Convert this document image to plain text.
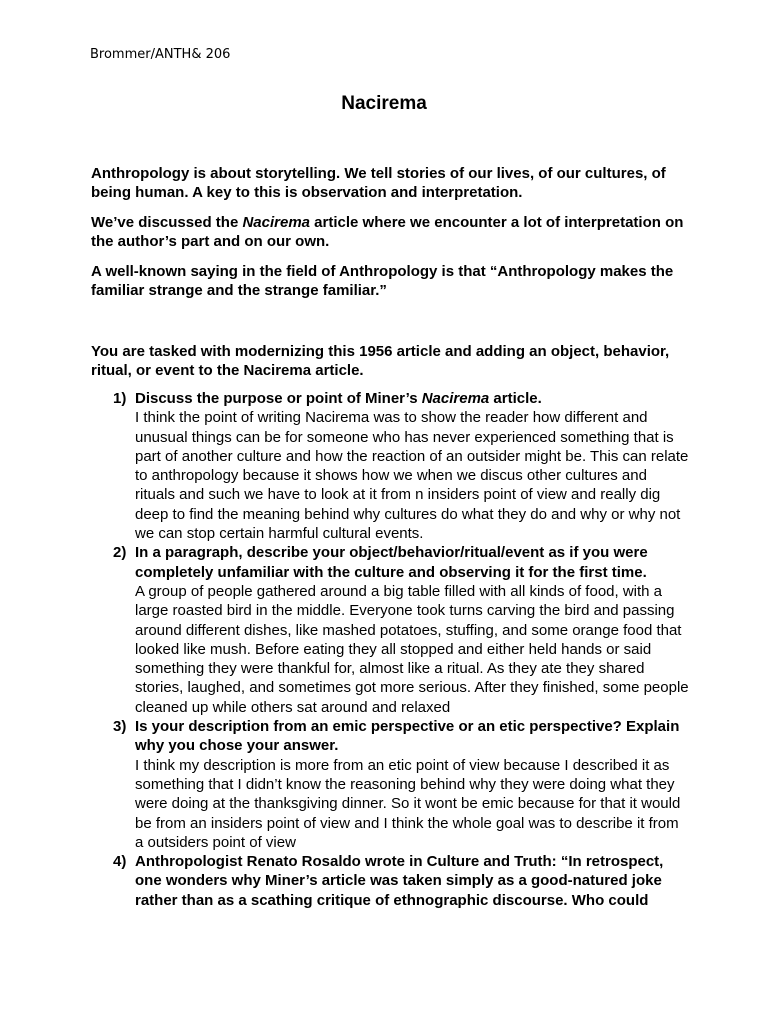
Brommer/ANTH& 206
Nacirema
Anthropology is about storytelling. We tell stories of our lives, of our cultures, of being human. A key to this is observation and interpretation.
We’ve discussed the Nacirema article where we encounter a lot of interpretation on the author’s part and on our own.
A well-known saying in the field of Anthropology is that “Anthropology makes the familiar strange and the strange familiar.”
You are tasked with modernizing this 1956 article and adding an object, behavior, ritual, or event to the Nacirema article.
1) Discuss the purpose or point of Miner’s Nacirema article.
I think the point of writing Nacirema was to show the reader how different and unusual things can be for someone who has never experienced something that is part of another culture and how the reaction of an outsider might be. This can relate to anthropology because it shows how we when we discus other cultures and rituals and such we have to look at it from n insiders point of view and really dig deep to find the meaning behind why cultures do what they do and why or why not we can stop certain harmful cultural events.
2) In a paragraph, describe your object/behavior/ritual/event as if you were completely unfamiliar with the culture and observing it for the first time.
A group of people gathered around a big table filled with all kinds of food, with a large roasted bird in the middle. Everyone took turns carving the bird and passing around different dishes, like mashed potatoes, stuffing, and some orange food that looked like mush. Before eating they all stopped and either held hands or said something they were thankful for, almost like a ritual. As they ate they shared stories, laughed, and sometimes got more serious. After they finished, some people cleaned up while others sat around and relaxed
3) Is your description from an emic perspective or an etic perspective? Explain why you chose your answer.
I think my description is more from an etic point of view because I described it as something that I didn’t know the reasoning behind why they were doing what they were doing at the thanksgiving dinner. So it wont be emic because for that it would be from an insiders point of view and I think the whole goal was to describe it from a outsiders point of view
4) Anthropologist Renato Rosaldo wrote in Culture and Truth: “In retrospect, one wonders why Miner’s article was taken simply as a good-natured joke rather than as a scathing critique of ethnographic discourse. Who could
